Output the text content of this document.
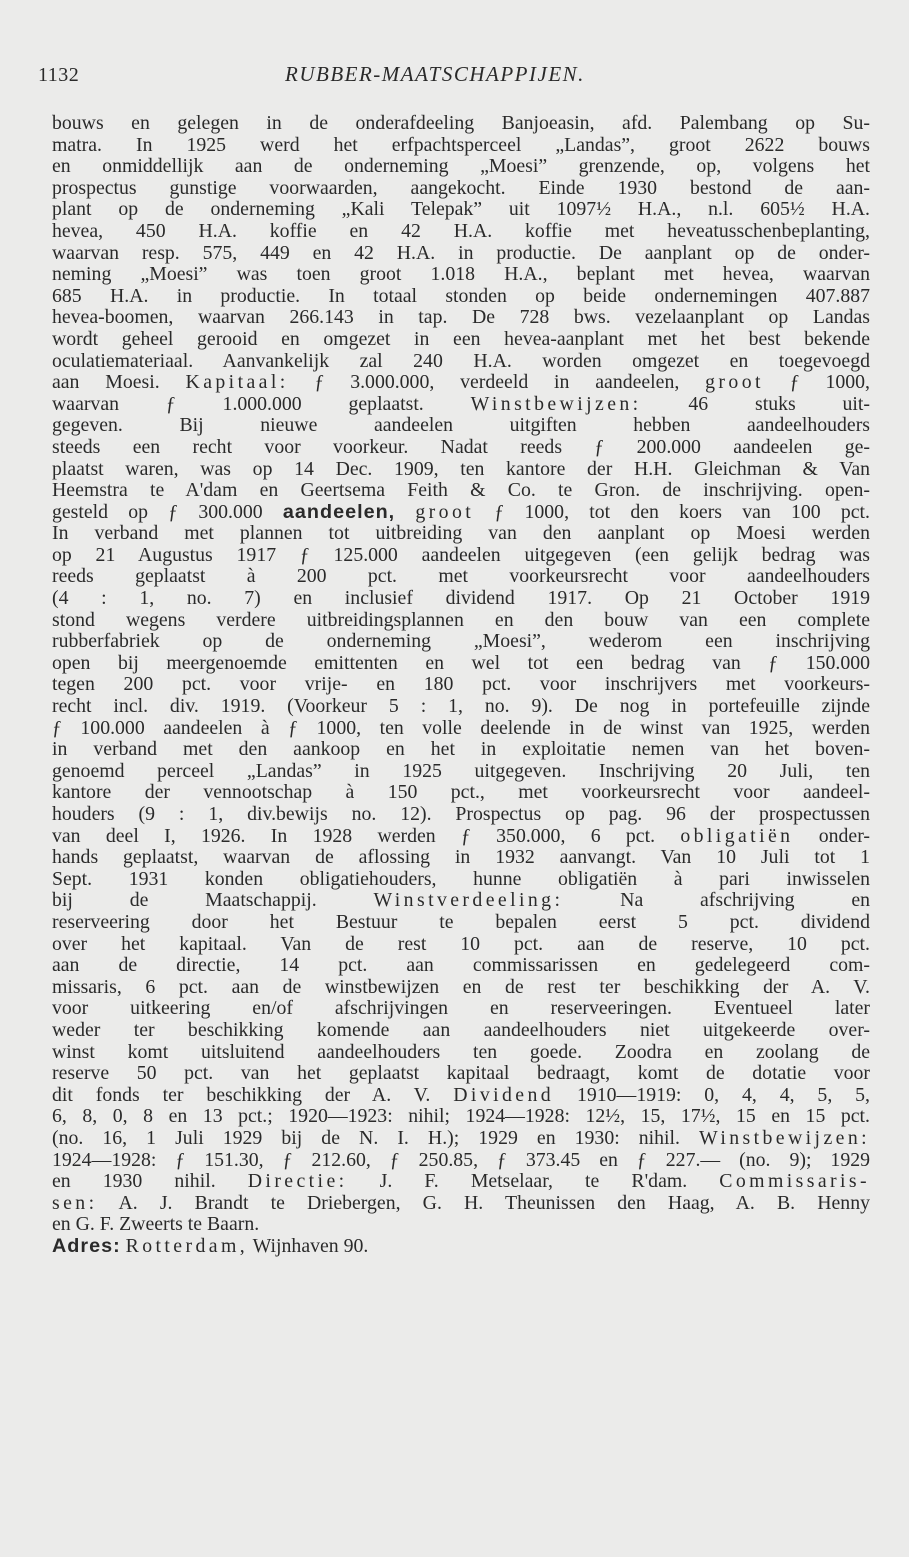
1132	RUBBER-MAATSCHAPPIJEN.
bouws en gelegen in de onderafdeeling Banjoeasin, afd. Palembang op Su-
matra. In 1925 werd het erfpachtsperceel „Landas”, groot 2622 bouws
en onmiddellijk aan de onderneming „Moesi” grenzende, op, volgens het
prospectus gunstige voorwaarden, aangekocht. Einde 1930 bestond de aan-
plant op de onderneming „Kali Telepak” uit 1097½ H.A., n.l. 605½ H.A.
hevea, 450 H.A. koffie en 42 H.A. koffie met heveatusschenbeplanting,
waarvan resp. 575, 449 en 42 H.A. in productie. De aanplant op de onder-
neming „Moesi” was toen groot 1.018 H.A., beplant met hevea, waarvan
685 H.A. in productie. In totaal stonden op beide ondernemingen 407.887
hevea-boomen, waarvan 266.143 in tap. De 728 bws. vezelaanplant op Landas
wordt geheel gerooid en omgezet in een hevea-aanplant met het best bekende
oculatiemateriaal. Aanvankelijk zal 240 H.A. worden omgezet en toegevoegd
aan Moesi. Kapitaal: ƒ 3.000.000, verdeeld in aandeelen, groot ƒ 1000,
waarvan ƒ 1.000.000 geplaatst. Winstbewijzen: 46 stuks uit-
gegeven. Bij nieuwe aandeelen uitgiften hebben aandeelhouders
steeds een recht voor voorkeur. Nadat reeds ƒ 200.000 aandeelen ge-
plaatst waren, was op 14 Dec. 1909, ten kantore der H.H. Gleichman & Van
Heemstra te A'dam en Geertsema Feith & Co. te Gron. de inschrijving. open-
gesteld op ƒ 300.000 aandeelen, groot ƒ 1000, tot den koers van 100 pct.
In verband met plannen tot uitbreiding van den aanplant op Moesi werden
op 21 Augustus 1917 ƒ 125.000 aandeelen uitgegeven (een gelijk bedrag was
reeds geplaatst à 200 pct. met voorkeursrecht voor aandeelhouders
(4 : 1, no. 7) en inclusief dividend 1917. Op 21 October 1919
stond wegens verdere uitbreidingsplannen en den bouw van een complete
rubberfabriek op de onderneming „Moesi”, wederom een inschrijving
open bij meergenoemde emittenten en wel tot een bedrag van ƒ 150.000
tegen 200 pct. voor vrije- en 180 pct. voor inschrijvers met voorkeurs-
recht incl. div. 1919. (Voorkeur 5 : 1, no. 9). De nog in portefeuille zijnde
ƒ 100.000 aandeelen à ƒ 1000, ten volle deelende in de winst van 1925, werden
in verband met den aankoop en het in exploitatie nemen van het boven-
genoemd perceel „Landas” in 1925 uitgegeven. Inschrijving 20 Juli, ten
kantore der vennootschap à 150 pct., met voorkeursrecht voor aandeel-
houders (9 : 1, div.bewijs no. 12). Prospectus op pag. 96 der prospectussen
van deel I, 1926. In 1928 werden ƒ 350.000, 6 pct. obligatiën onder-
hands geplaatst, waarvan de aflossing in 1932 aanvangt. Van 10 Juli tot 1
Sept. 1931 konden obligatiehouders, hunne obligatiën à pari inwisselen
bij de Maatschappij.	Winstverdeeling:	Na afschrijving en
reserveering door het Bestuur te bepalen eerst 5 pct. dividend
over het kapitaal. Van de rest 10 pct. aan de reserve, 10 pct.
aan de directie, 14 pct. aan commissarissen en gedelegeerd com-
missaris, 6 pct. aan de winstbewijzen en de rest ter beschikking der A. V.
voor uitkeering en/of afschrijvingen en reserveeringen. Eventueel later
weder ter beschikking komende aan aandeelhouders niet uitgekeerde over-
winst komt uitsluitend aandeelhouders ten goede. Zoodra en zoolang de
reserve 50 pct. van het geplaatst kapitaal bedraagt, komt de dotatie voor
dit fonds ter beschikking der A. V. Dividend 1910—1919: 0, 4, 4, 5, 5,
6, 8, 0, 8 en 13 pct.; 1920—1923: nihil; 1924—1928: 12½, 15, 17½, 15 en 15 pct.
(no. 16, 1 Juli 1929 bij de N. I. H.); 1929 en 1930: nihil. Winstbewijzen:
1924—1928: ƒ 151.30, ƒ 212.60, ƒ 250.85, ƒ 373.45 en ƒ 227.— (no. 9); 1929
en 1930 nihil. Directie: J. F. Metselaar, te R'dam. Commissaris-
sen: A. J. Brandt te Driebergen, G. H. Theunissen den Haag, A. B. Henny
en G. F. Zweerts te Baarn.
Adres: Rotterdam, Wijnhaven 90.
